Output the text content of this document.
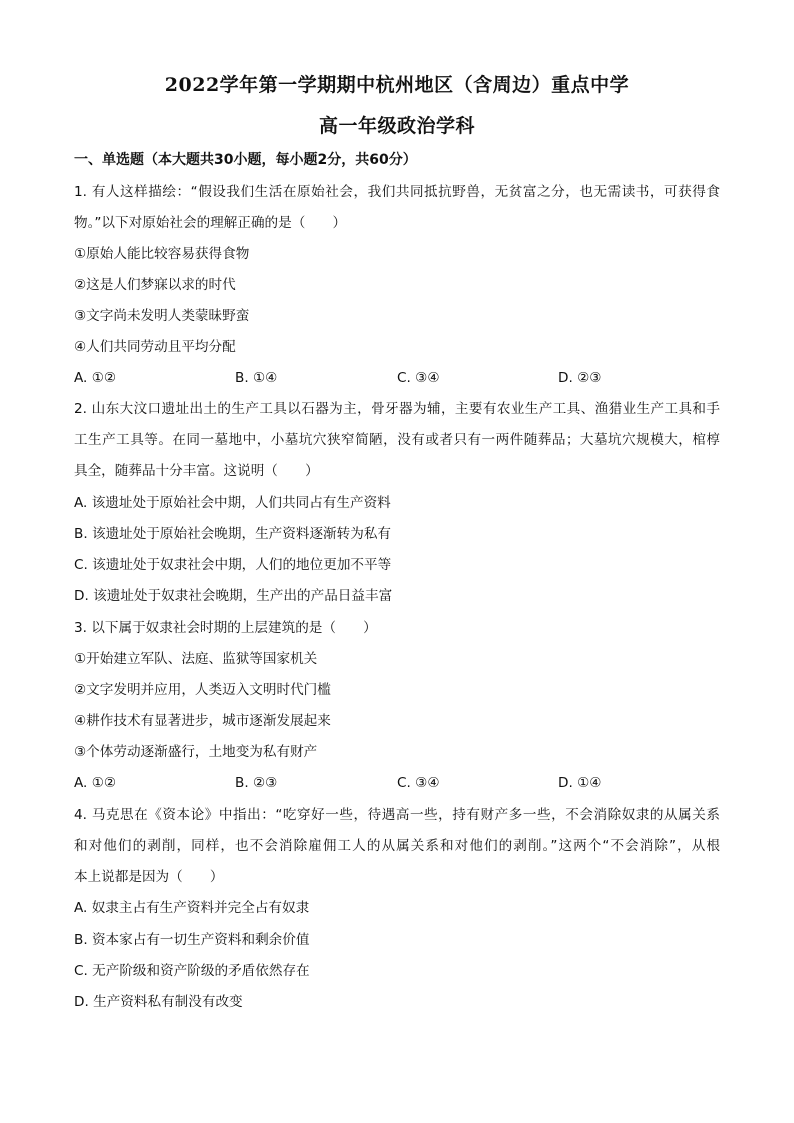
2022学年第一学期期中杭州地区（含周边）重点中学
高一年级政治学科
一、单选题（本大题共30小题，每小题2分，共60分）
1. 有人这样描绘：“假设我们生活在原始社会，我们共同抵抗野兽，无贫富之分，也无需读书，可获得食
物。”以下对原始社会的理解正确的是（　　）
①原始人能比较容易获得食物
②这是人们梦寐以求的时代
③文字尚未发明人类蒙昧野蛮
④人们共同劳动且平均分配
A. ①②	B. ①④	C. ③④	D. ②③
2. 山东大汶口遗址出土的生产工具以石器为主，骨牙器为辅，主要有农业生产工具、渔猎业生产工具和手
工生产工具等。在同一墓地中，小墓坑穴狭窄简陋，没有或者只有一两件随葬品；大墓坑穴规模大，棺椁
具全，随葬品十分丰富。这说明（　　）
A. 该遗址处于原始社会中期，人们共同占有生产资料
B. 该遗址处于原始社会晚期，生产资料逐渐转为私有
C. 该遗址处于奴隶社会中期，人们的地位更加不平等
D. 该遗址处于奴隶社会晚期，生产出的产品日益丰富
3. 以下属于奴隶社会时期的上层建筑的是（　　）
①开始建立军队、法庭、监狱等国家机关
②文字发明并应用，人类迈入文明时代门槛
④耕作技术有显著进步，城市逐渐发展起来
③个体劳动逐渐盛行，土地变为私有财产
A. ①②	B. ②③	C. ③④	D. ①④
4. 马克思在《资本论》中指出：“吃穿好一些，待遇高一些，持有财产多一些，不会消除奴隶的从属关系
和对他们的剥削，同样，也不会消除雇佣工人的从属关系和对他们的剥削。”这两个“不会消除”，从根
本上说都是因为（　　）
A. 奴隶主占有生产资料并完全占有奴隶
B. 资本家占有一切生产资料和剩余价值
C. 无产阶级和资产阶级的矛盾依然存在
D. 生产资料私有制没有改变
